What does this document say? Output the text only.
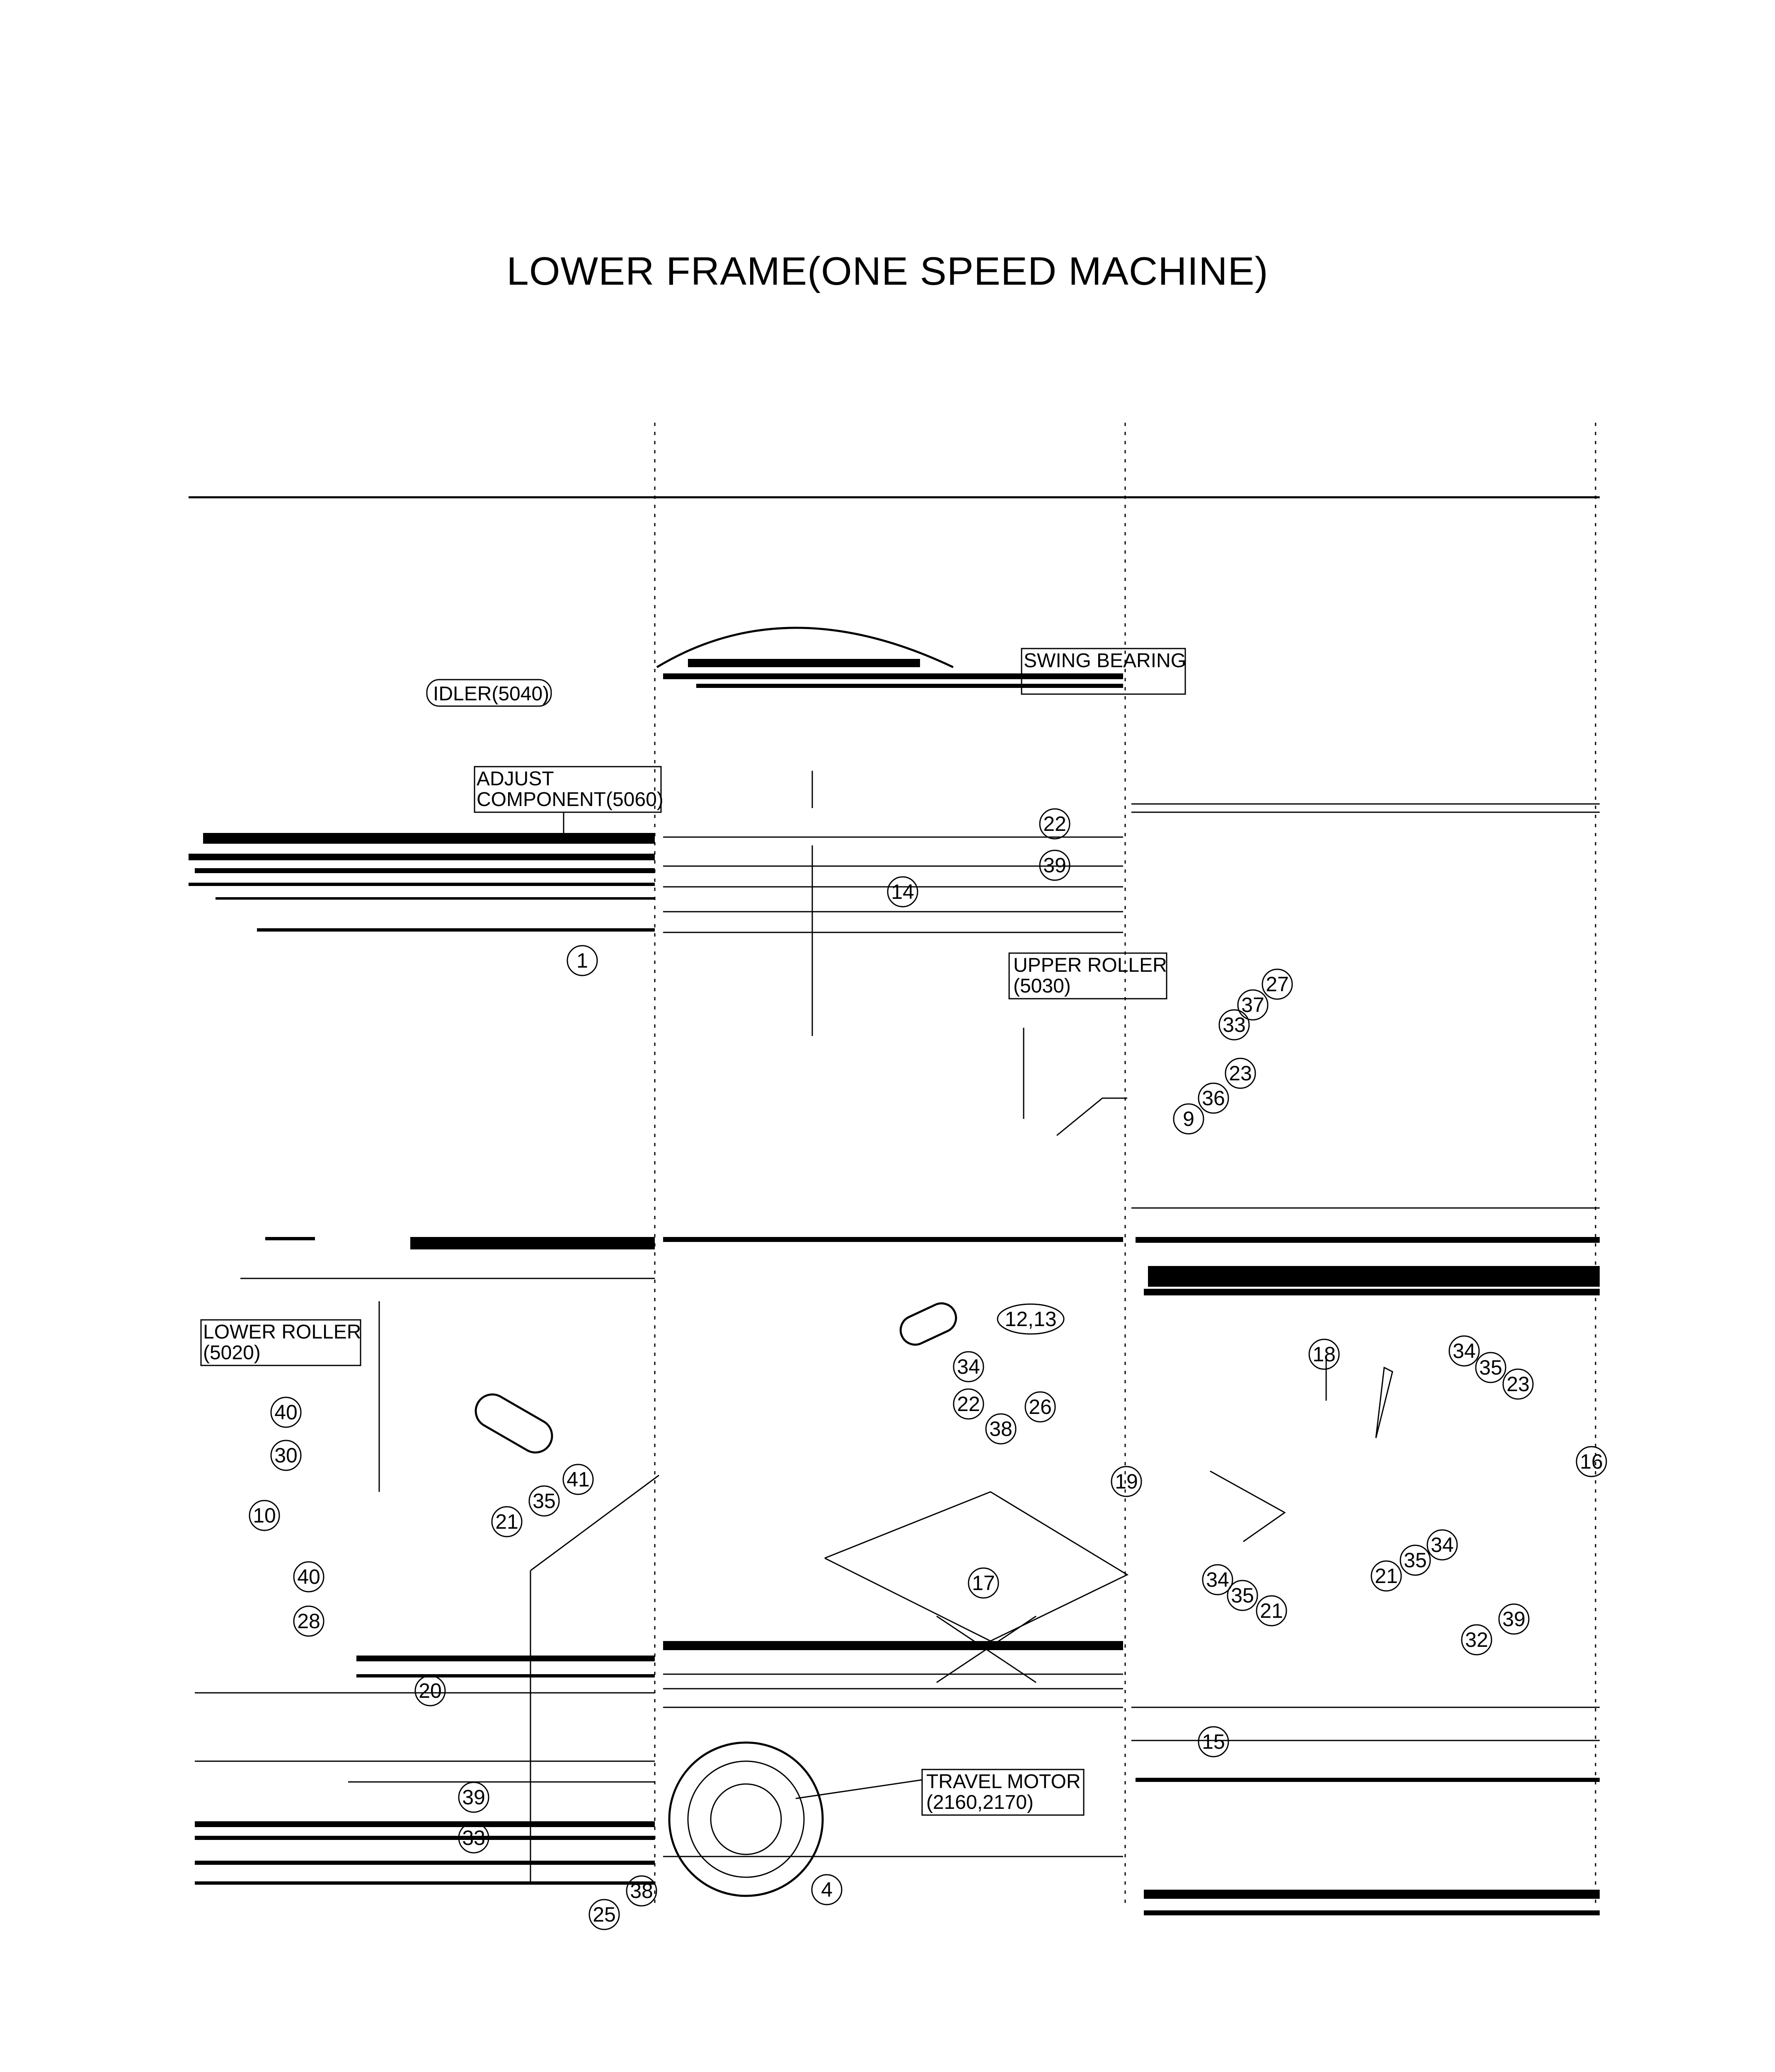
LOWER FRAME(ONE SPEED MACHINE)
IDLER(5040)
SWING BEARING
ADJUST
COMPONENT(5060)
UPPER ROLLER
(5030)
LOWER ROLLER
(5020)
TRAVEL MOTOR
(2160,2170)
22
39
14
1
27
37
33
23
36
9
12,13
34
22 26
38
18	34
35
23
16
19
40
30
41
35
21
10
40
28
17	34
35
21
34
35
21
39
32
20
15
39
33
38
25
4
